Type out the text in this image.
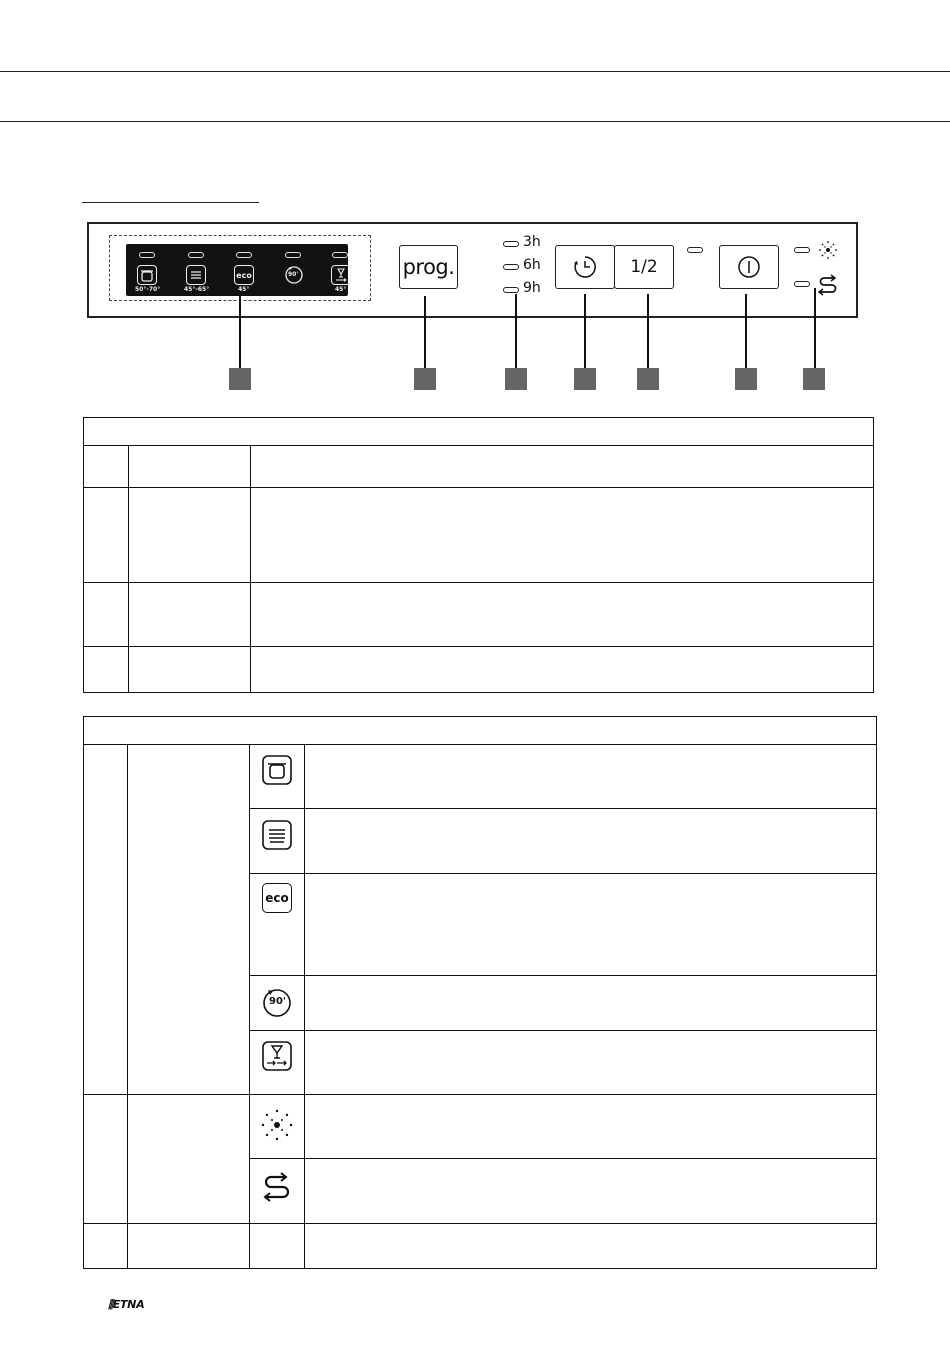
eco	90'
50°-70°	45°-65°	45°	45°
prog.
3h
6h
9h
1/2
eco
90'
⫼ETNA
